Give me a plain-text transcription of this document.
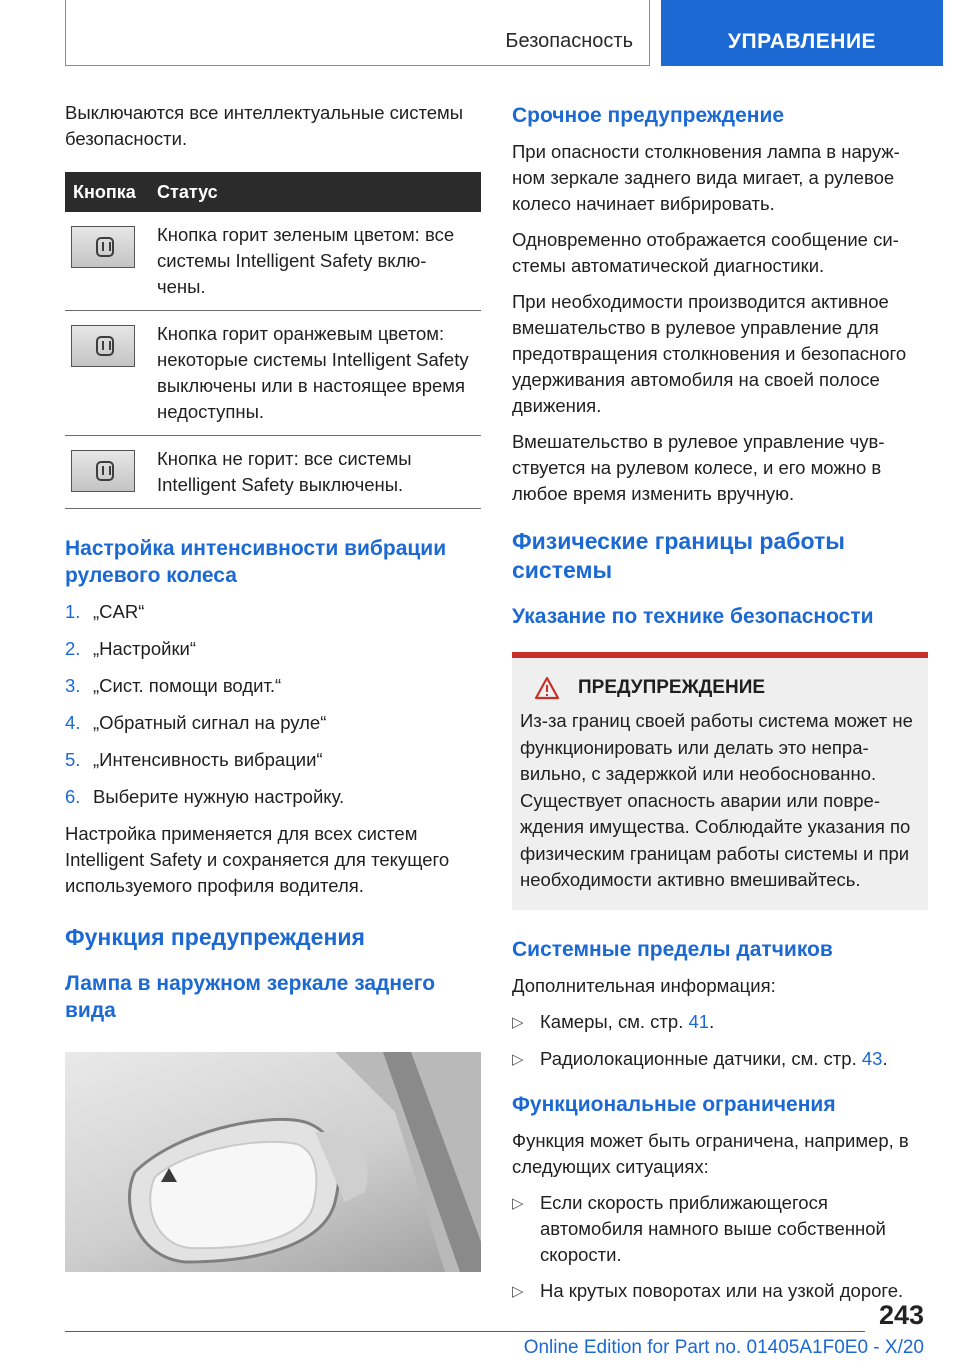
Безопасность	УПРАВЛЕНИЕ

Выключаются все интеллектуальные системы безопасности.

Кнопка	Статус

	Кнопка горит зеленым цветом: все системы Intelligent Safety вклю‐чены.

	Кнопка горит оранжевым цветом: некоторые системы Intelligent Safety выключены или в настоящее время недоступны.

	Кнопка не горит: все системы Intelligent Safety выключены.
Настройка интенсивности вибрации рулевого колеса
1. „CAR“
2. „Настройки“
3. „Сист. помощи водит.“
4. „Обратный сигнал на руле“
5. „Интенсивность вибрации“
6. Выберите нужную настройку.

Настройка применяется для всех систем Intelligent Safety и сохраняется для текущего используемого профиля водителя.

Функция предупреждения
Лампа в наружном зеркале заднего вида
Срочное предупреждение

При опасности столкновения лампа в наруж‐ном зеркале заднего вида мигает, а рулевое колесо начинает вибрировать.

Одновременно отображается сообщение си‐стемы автоматической диагностики.

При необходимости производится активное вмешательство в рулевое управление для предотвращения столкновения и безопасного удерживания автомобиля на своей полосе движения.

Вмешательство в рулевое управление чув‐ствуется на рулевом колесе, и его можно в любое время изменить вручную.

Физические границы работы системы
Указание по технике безопасности
ПРЕДУПРЕЖДЕНИЕ

Из-за границ своей работы система может не функционировать или делать это непра‐вильно, с задержкой или необоснованно. Существует опасность аварии или повре‐ждения имущества. Соблюдайте указания по физическим границам работы системы и при необходимости активно вмешивайтесь.

Системные пределы датчиков

Дополнительная информация:

▷ Камеры, см. стр. 41.
▷ Радиолокационные датчики, см. стр. 43.
Функциональные ограничения

Функция может быть ограничена, например, в следующих ситуациях:

▷ Если скорость приближающегося автомобиля намного выше собственной скорости.
▷ На крутых поворотах или на узкой дороге.
243
Online Edition for Part no. 01405A1F0E0 - X/20
